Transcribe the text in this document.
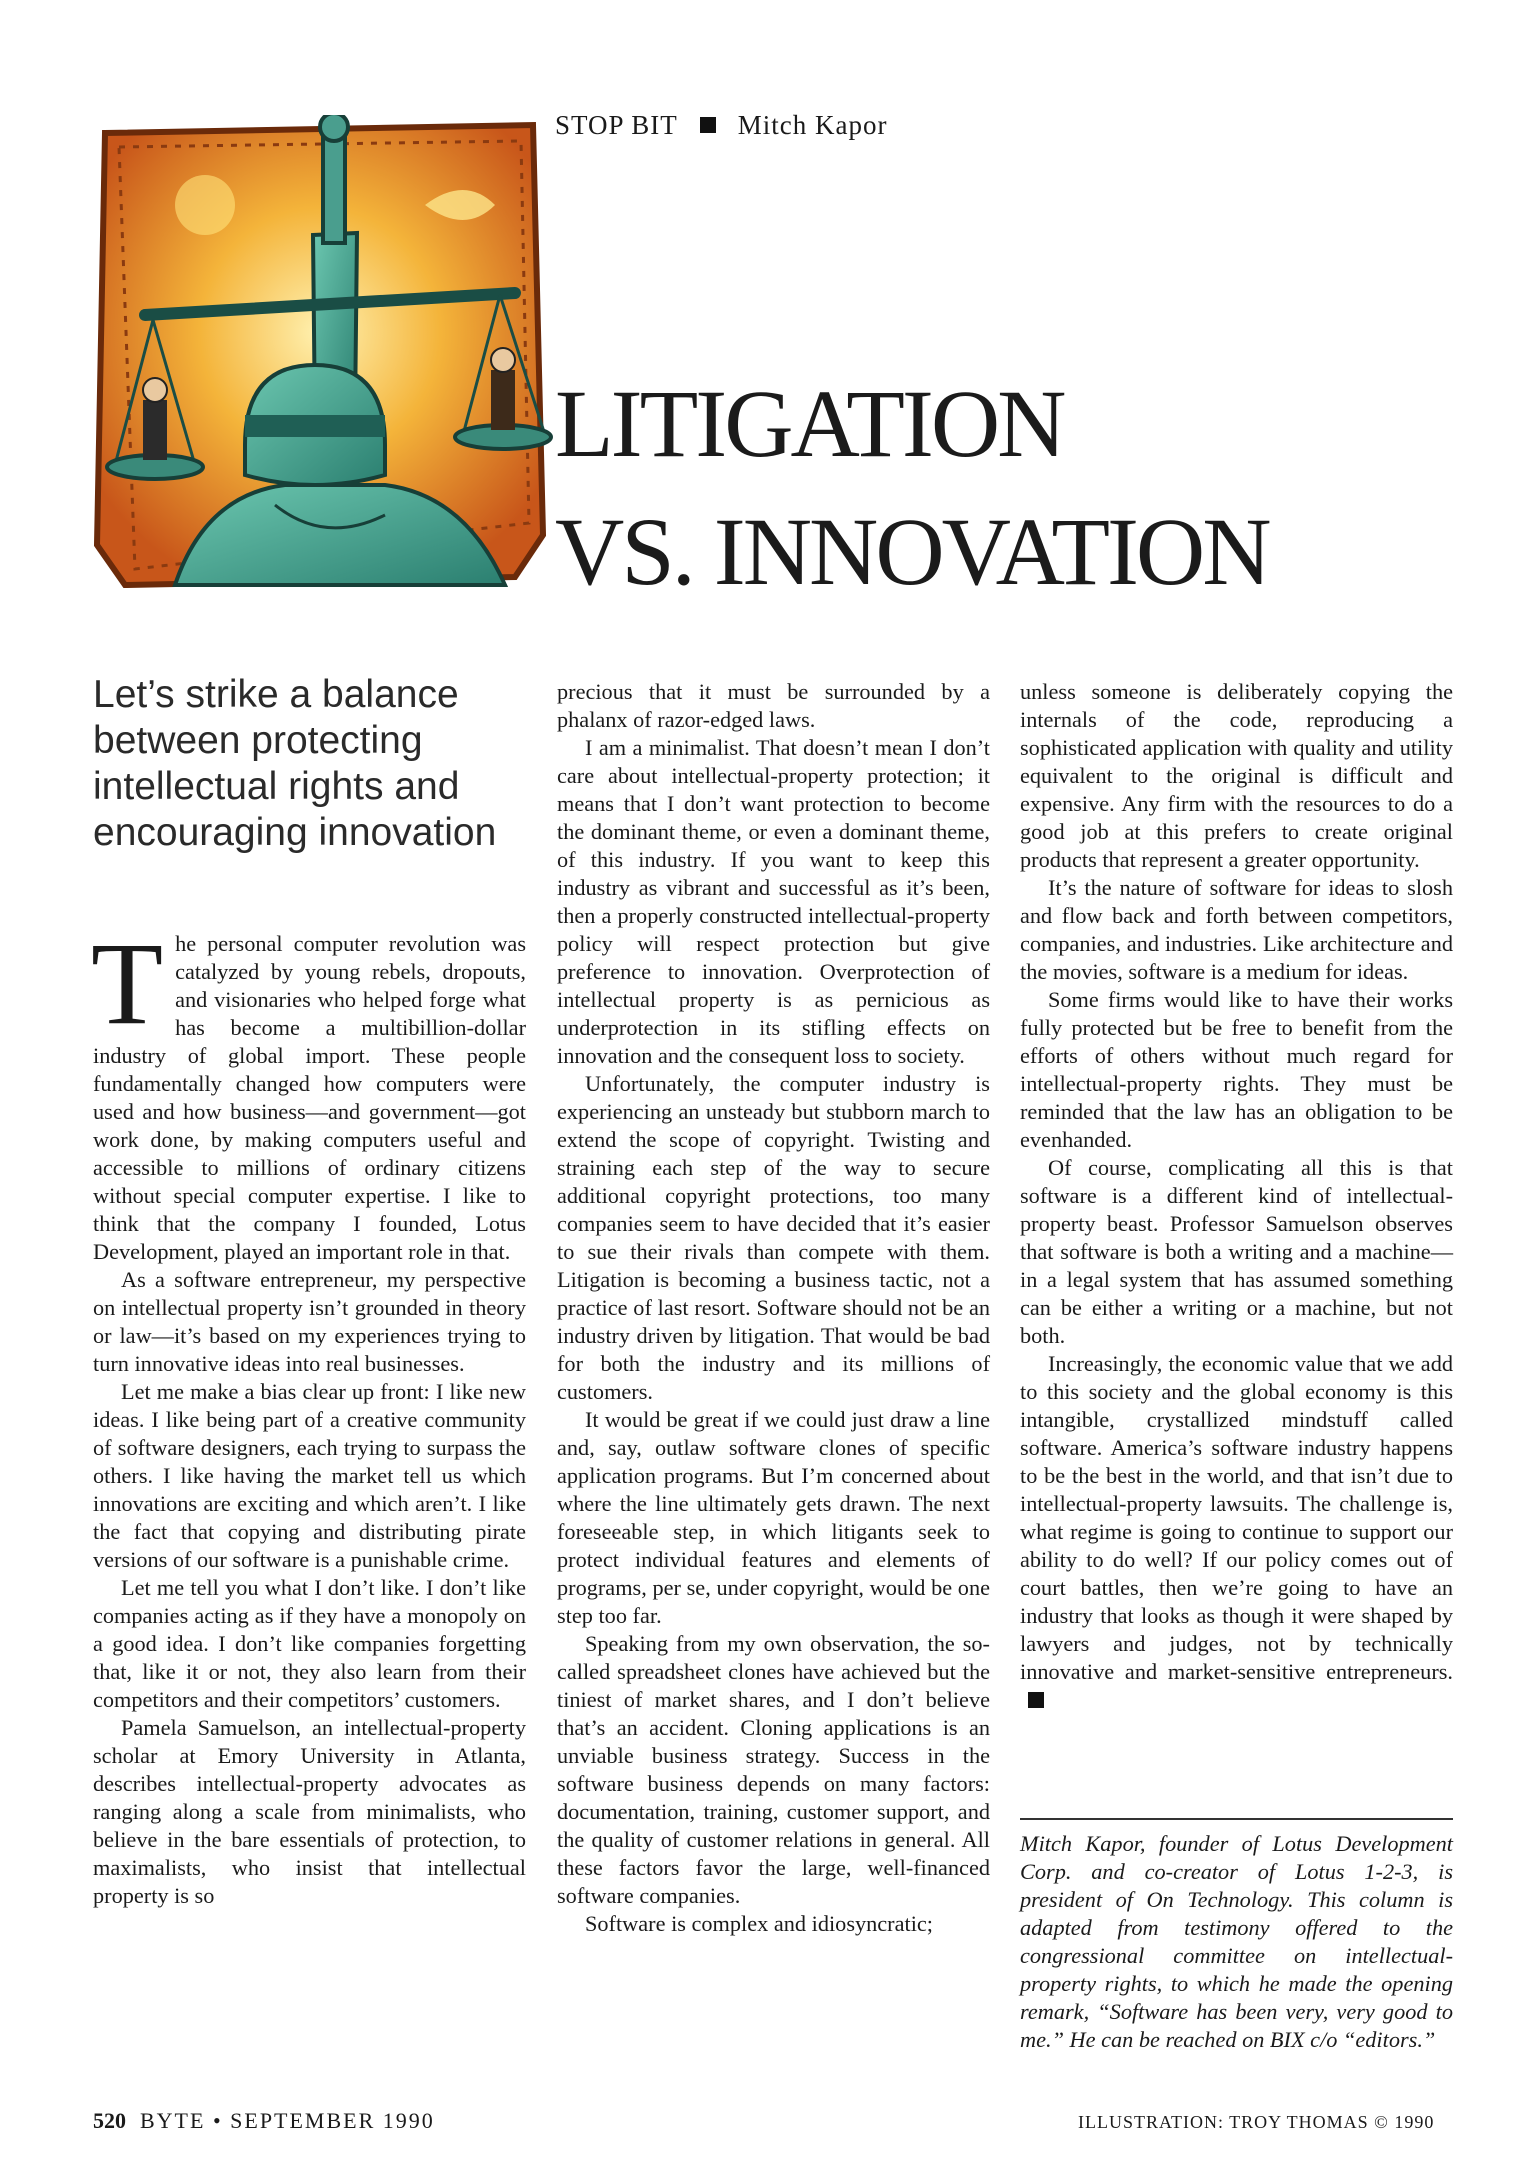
STOP BIT Mitch Kapor
LITIGATION
VS. INNOVATION
Let’s strike a balance between protecting intellectual rights and encouraging innovation

The personal computer revolution was catalyzed by young rebels, dropouts, and visionaries who helped forge what has become a multibillion-dollar industry of global import. These people fundamentally changed how computers were used and how business—and government—got work done, by making computers useful and accessible to millions of ordinary citizens without special computer expertise. I like to think that the company I founded, Lotus Development, played an important role in that.

As a software entrepreneur, my perspective on intellectual property isn’t grounded in theory or law—it’s based on my experiences trying to turn innovative ideas into real businesses.

Let me make a bias clear up front: I like new ideas. I like being part of a creative community of software designers, each trying to surpass the others. I like having the market tell us which innovations are exciting and which aren’t. I like the fact that copying and distributing pirate versions of our software is a punishable crime.

Let me tell you what I don’t like. I don’t like companies acting as if they have a monopoly on a good idea. I don’t like companies forgetting that, like it or not, they also learn from their competitors and their competitors’ customers.

Pamela Samuelson, an intellectual-property scholar at Emory University in Atlanta, describes intellectual-property advocates as ranging along a scale from minimalists, who believe in the bare essentials of protection, to maximalists, who insist that intellectual property is so

precious that it must be surrounded by a phalanx of razor-edged laws.

I am a minimalist. That doesn’t mean I don’t care about intellectual-property protection; it means that I don’t want protection to become the dominant theme, or even a dominant theme, of this industry. If you want to keep this industry as vibrant and successful as it’s been, then a properly constructed intellectual-property policy will respect protection but give preference to innovation. Overprotection of intellectual property is as pernicious as underprotection in its stifling effects on innovation and the consequent loss to society.

Unfortunately, the computer industry is experiencing an unsteady but stubborn march to extend the scope of copyright. Twisting and straining each step of the way to secure additional copyright protections, too many companies seem to have decided that it’s easier to sue their rivals than compete with them. Litigation is becoming a business tactic, not a practice of last resort. Software should not be an industry driven by litigation. That would be bad for both the industry and its millions of customers.

It would be great if we could just draw a line and, say, outlaw software clones of specific application programs. But I’m concerned about where the line ultimately gets drawn. The next foreseeable step, in which litigants seek to protect individual features and elements of programs, per se, under copyright, would be one step too far.

Speaking from my own observation, the so-called spreadsheet clones have achieved but the tiniest of market shares, and I don’t believe that’s an accident. Cloning applications is an unviable business strategy. Success in the software business depends on many factors: documentation, training, customer support, and the quality of customer relations in general. All these factors favor the large, well-financed software companies.

Software is complex and idiosyncratic;

unless someone is deliberately copying the internals of the code, reproducing a sophisticated application with quality and utility equivalent to the original is difficult and expensive. Any firm with the resources to do a good job at this prefers to create original products that represent a greater opportunity.

It’s the nature of software for ideas to slosh and flow back and forth between competitors, companies, and industries. Like architecture and the movies, software is a medium for ideas.

Some firms would like to have their works fully protected but be free to benefit from the efforts of others without much regard for intellectual-property rights. They must be reminded that the law has an obligation to be evenhanded.

Of course, complicating all this is that software is a different kind of intellectual-property beast. Professor Samuelson observes that software is both a writing and a machine—in a legal system that has assumed something can be either a writing or a machine, but not both.

Increasingly, the economic value that we add to this society and the global economy is this intangible, crystallized mindstuff called software. America’s software industry happens to be the best in the world, and that isn’t due to intellectual-property lawsuits. The challenge is, what regime is going to continue to support our ability to do well? If our policy comes out of court battles, then we’re going to have an industry that looks as though it were shaped by lawyers and judges, not by technically innovative and market-sensitive entrepreneurs.

Mitch Kapor, founder of Lotus Development Corp. and co-creator of Lotus 1-2-3, is president of On Technology. This column is adapted from testimony offered to the congressional committee on intellectual-property rights, to which he made the opening remark, “Software has been very, very good to me.” He can be reached on BIX c/o “editors.”
520 BYTE • SEPTEMBER 1990	ILLUSTRATION: TROY THOMAS © 1990
